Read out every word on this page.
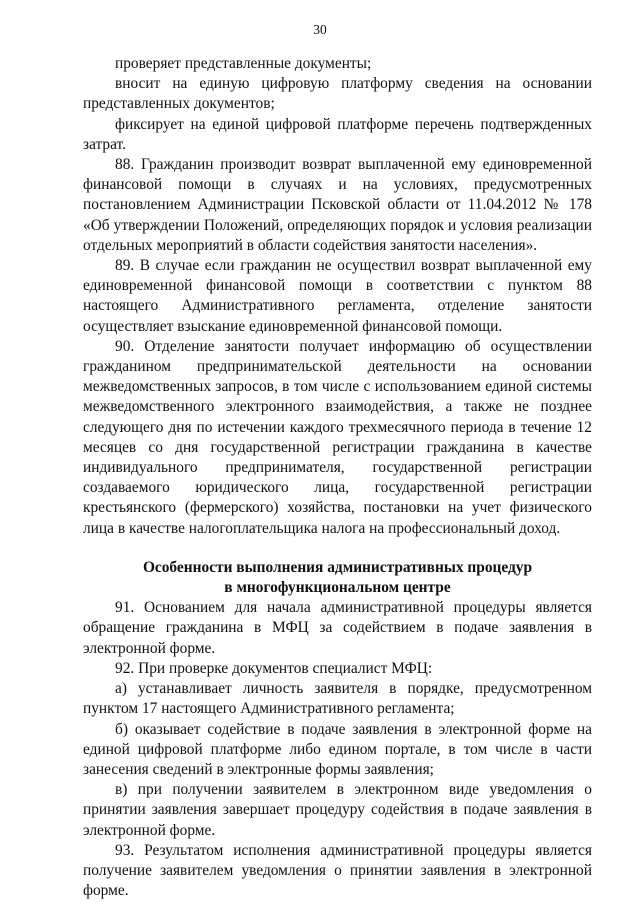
30

проверяет представленные документы;

вносит на единую цифровую платформу сведения на основании представленных документов;

фиксирует на единой цифровой платформе перечень подтвержденных затрат.

88. Гражданин производит возврат выплаченной ему единовременной финансовой помощи в случаях и на условиях, предусмотренных постановлением Администрации Псковской области от 11.04.2012 № 178 «Об утверждении Положений, определяющих порядок и условия реализации отдельных мероприятий в области содействия занятости населения».

89. В случае если гражданин не осуществил возврат выплаченной ему единовременной финансовой помощи в соответствии с пунктом 88 настоящего Административного регламента, отделение занятости осуществляет взыскание единовременной финансовой помощи.

90. Отделение занятости получает информацию об осуществлении гражданином предпринимательской деятельности на основании межведомственных запросов, в том числе с использованием единой системы межведомственного электронного взаимодействия, а также не позднее следующего дня по истечении каждого трехмесячного периода в течение 12 месяцев со дня государственной регистрации гражданина в качестве индивидуального предпринимателя, государственной регистрации создаваемого юридического лица, государственной регистрации крестьянского (фермерского) хозяйства, постановки на учет физического лица в качестве налогоплательщика налога на профессиональный доход.

Особенности выполнения административных процедур
в многофункциональном центре

91. Основанием для начала административной процедуры является обращение гражданина в МФЦ за содействием в подаче заявления в электронной форме.

92. При проверке документов специалист МФЦ:

а) устанавливает личность заявителя в порядке, предусмотренном пунктом 17 настоящего Административного регламента;

б) оказывает содействие в подаче заявления в электронной форме на единой цифровой платформе либо едином портале, в том числе в части занесения сведений в электронные формы заявления;

в) при получении заявителем в электронном виде уведомления о принятии заявления завершает процедуру содействия в подаче заявления в электронной форме.

93. Результатом исполнения административной процедуры является получение заявителем уведомления о принятии заявления в электронной форме.
